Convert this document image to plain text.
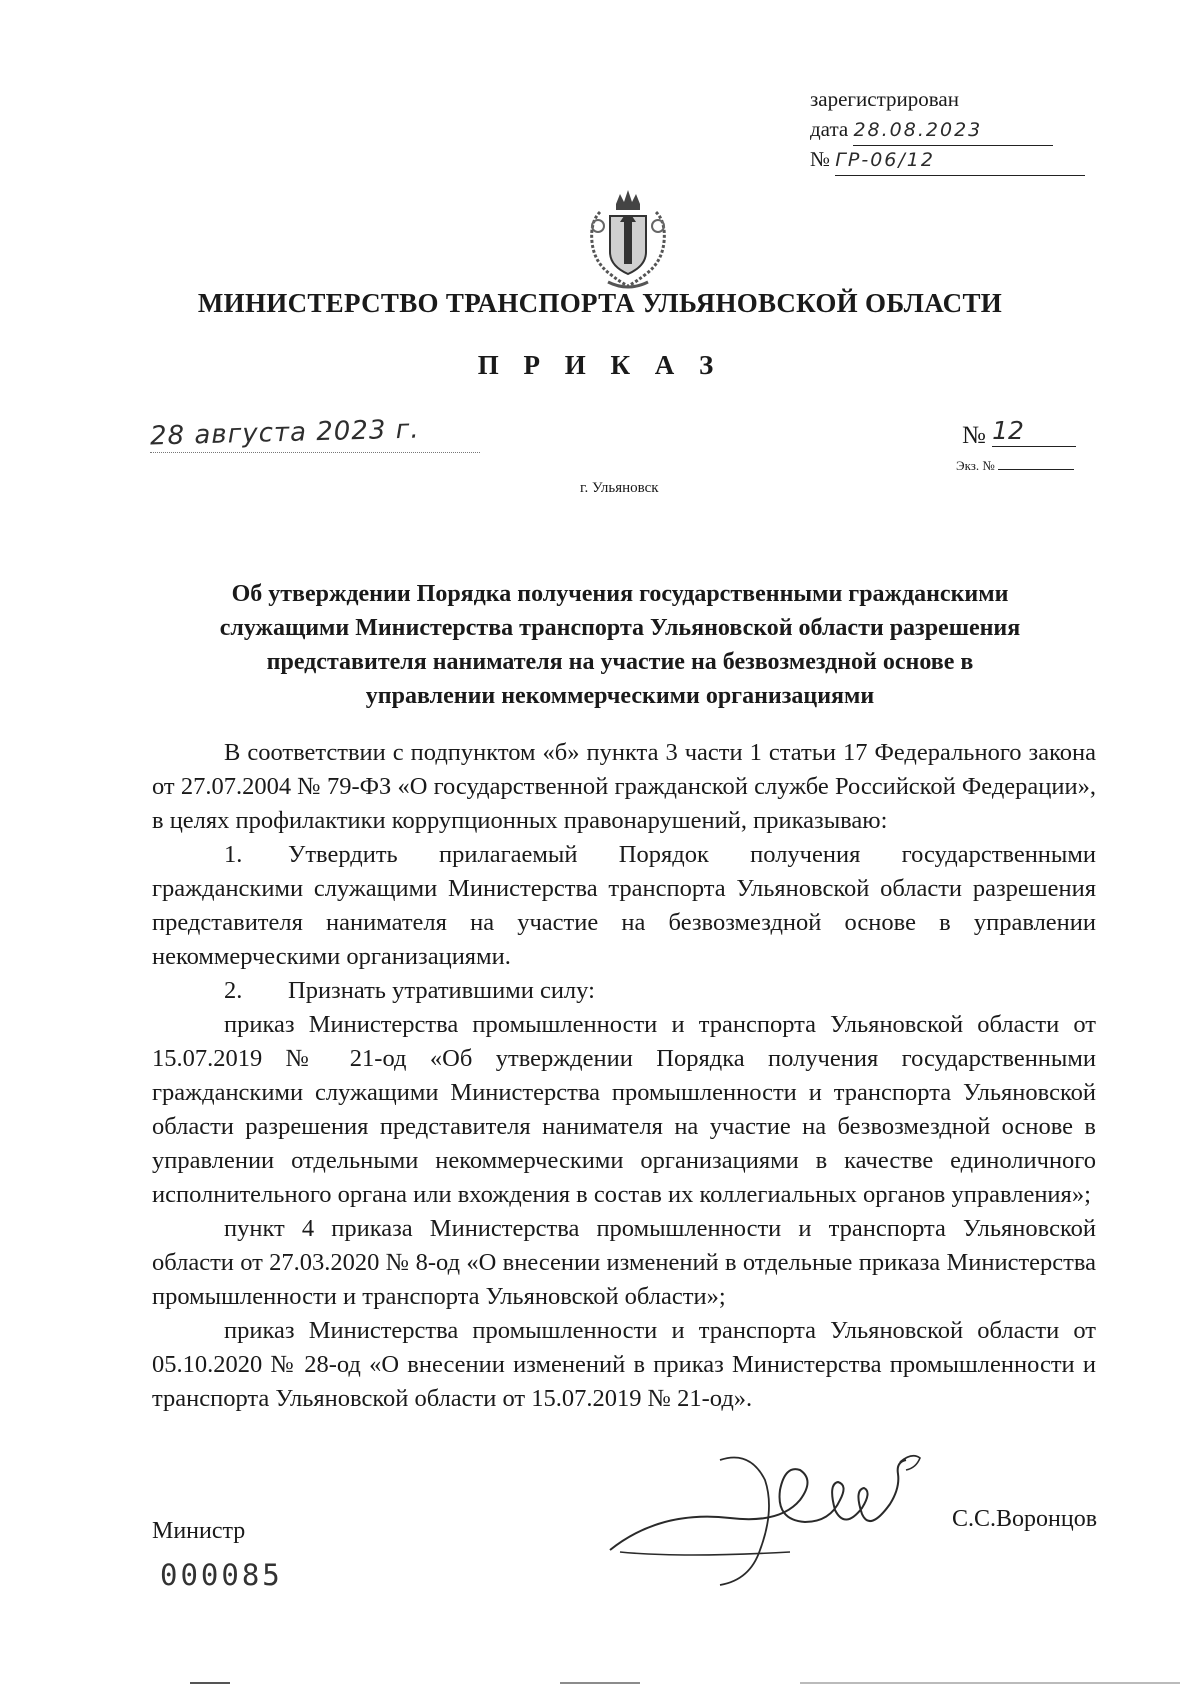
зарегистрирован
дата 28.08.2023
№ ГР-06/12
МИНИСТЕРСТВО ТРАНСПОРТА УЛЬЯНОВСКОЙ ОБЛАСТИ
П Р И К А З
28 августа 2023 г.	№ 12
Экз. №
г. Ульяновск
Об утверждении Порядка получения государственными гражданскими
служащими Министерства транспорта Ульяновской области разрешения
представителя нанимателя на участие на безвозмездной основе в
управлении некоммерческими организациями

В соответствии с подпунктом «б» пункта 3 части 1 статьи 17 Федерального закона от 27.07.2004 № 79-ФЗ «О государственной гражданской службе Российской Федерации», в целях профилактики коррупционных правонарушений, приказываю:

1. Утвердить прилагаемый Порядок получения государственными гражданскими служащими Министерства транспорта Ульяновской области разрешения представителя нанимателя на участие на безвозмездной основе в управлении некоммерческими организациями.

2. Признать утратившими силу:

приказ Министерства промышленности и транспорта Ульяновской области от 15.07.2019 № 21-од «Об утверждении Порядка получения государственными гражданскими служащими Министерства промышленности и транспорта Ульяновской области разрешения представителя нанимателя на участие на безвозмездной основе в управлении отдельными некоммерческими организациями в качестве единоличного исполнительного органа или вхождения в состав их коллегиальных органов управления»;

пункт 4 приказа Министерства промышленности и транспорта Ульяновской области от 27.03.2020 № 8-од «О внесении изменений в отдельные приказа Министерства промышленности и транспорта Ульяновской области»;

приказ Министерства промышленности и транспорта Ульяновской области от 05.10.2020 № 28-од «О внесении изменений в приказ Министерства промышленности и транспорта Ульяновской области от 15.07.2019 № 21-од».

Министр
000085
С.С.Воронцов
